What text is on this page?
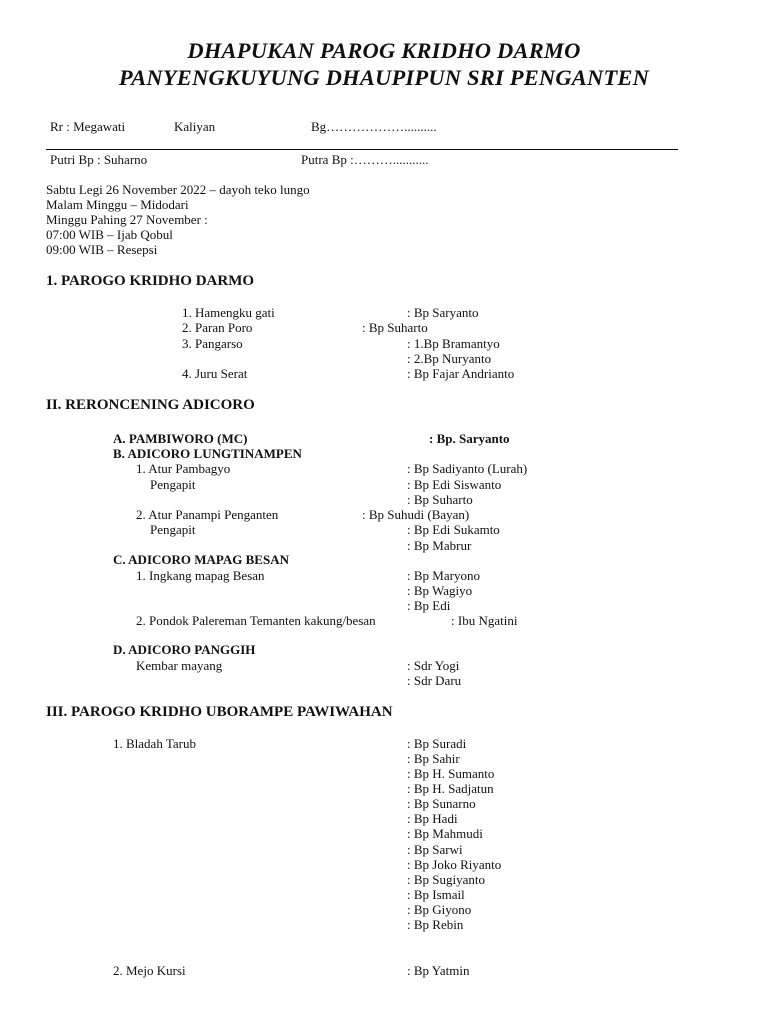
DHAPUKAN PAROG KRIDHO DARMO
PANYENGKUYUNG DHAUPIPUN SRI PENGANTEN
Rr : Megawati	Kaliyan	Bg………………..........
Putri Bp : Suharno	Putra Bp :………...........
Sabtu Legi 26 November 2022 – dayoh teko lungo
Malam Minggu – Midodari
Minggu Pahing 27 November :
07:00 WIB – Ijab Qobul
09:00 WIB – Resepsi
1. PAROGO KRIDHO DARMO
1. Hamengku gati	: Bp Saryanto
2. Paran Poro	: Bp Suharto
3. Pangarso	: 1.Bp Bramantyo
: 2.Bp Nuryanto
4. Juru Serat	: Bp Fajar Andrianto
II. RERONCENING ADICORO
A. PAMBIWORO (MC)	: Bp. Saryanto
B. ADICORO LUNGTINAMPEN
1. Atur Pambagyo	: Bp Sadiyanto (Lurah)
Pengapit	: Bp Edi Siswanto
: Bp Suharto
2. Atur Panampi Penganten	: Bp Suhudi (Bayan)
Pengapit	: Bp Edi Sukamto
: Bp Mabrur
C. ADICORO MAPAG BESAN
1. Ingkang mapag Besan	: Bp Maryono
: Bp Wagiyo
: Bp Edi
2. Pondok Palereman Temanten kakung/besan	: Ibu Ngatini
D. ADICORO PANGGIH
Kembar mayang	: Sdr Yogi
: Sdr Daru
III. PAROGO KRIDHO UBORAMPE PAWIWAHAN
1. Bladah Tarub	: Bp Suradi
: Bp Sahir
: Bp H. Sumanto
: Bp H. Sadjatun
: Bp Sunarno
: Bp Hadi
: Bp Mahmudi
: Bp Sarwi
: Bp Joko Riyanto
: Bp Sugiyanto
: Bp Ismail
: Bp Giyono
: Bp Rebin
2. Mejo Kursi	: Bp Yatmin
